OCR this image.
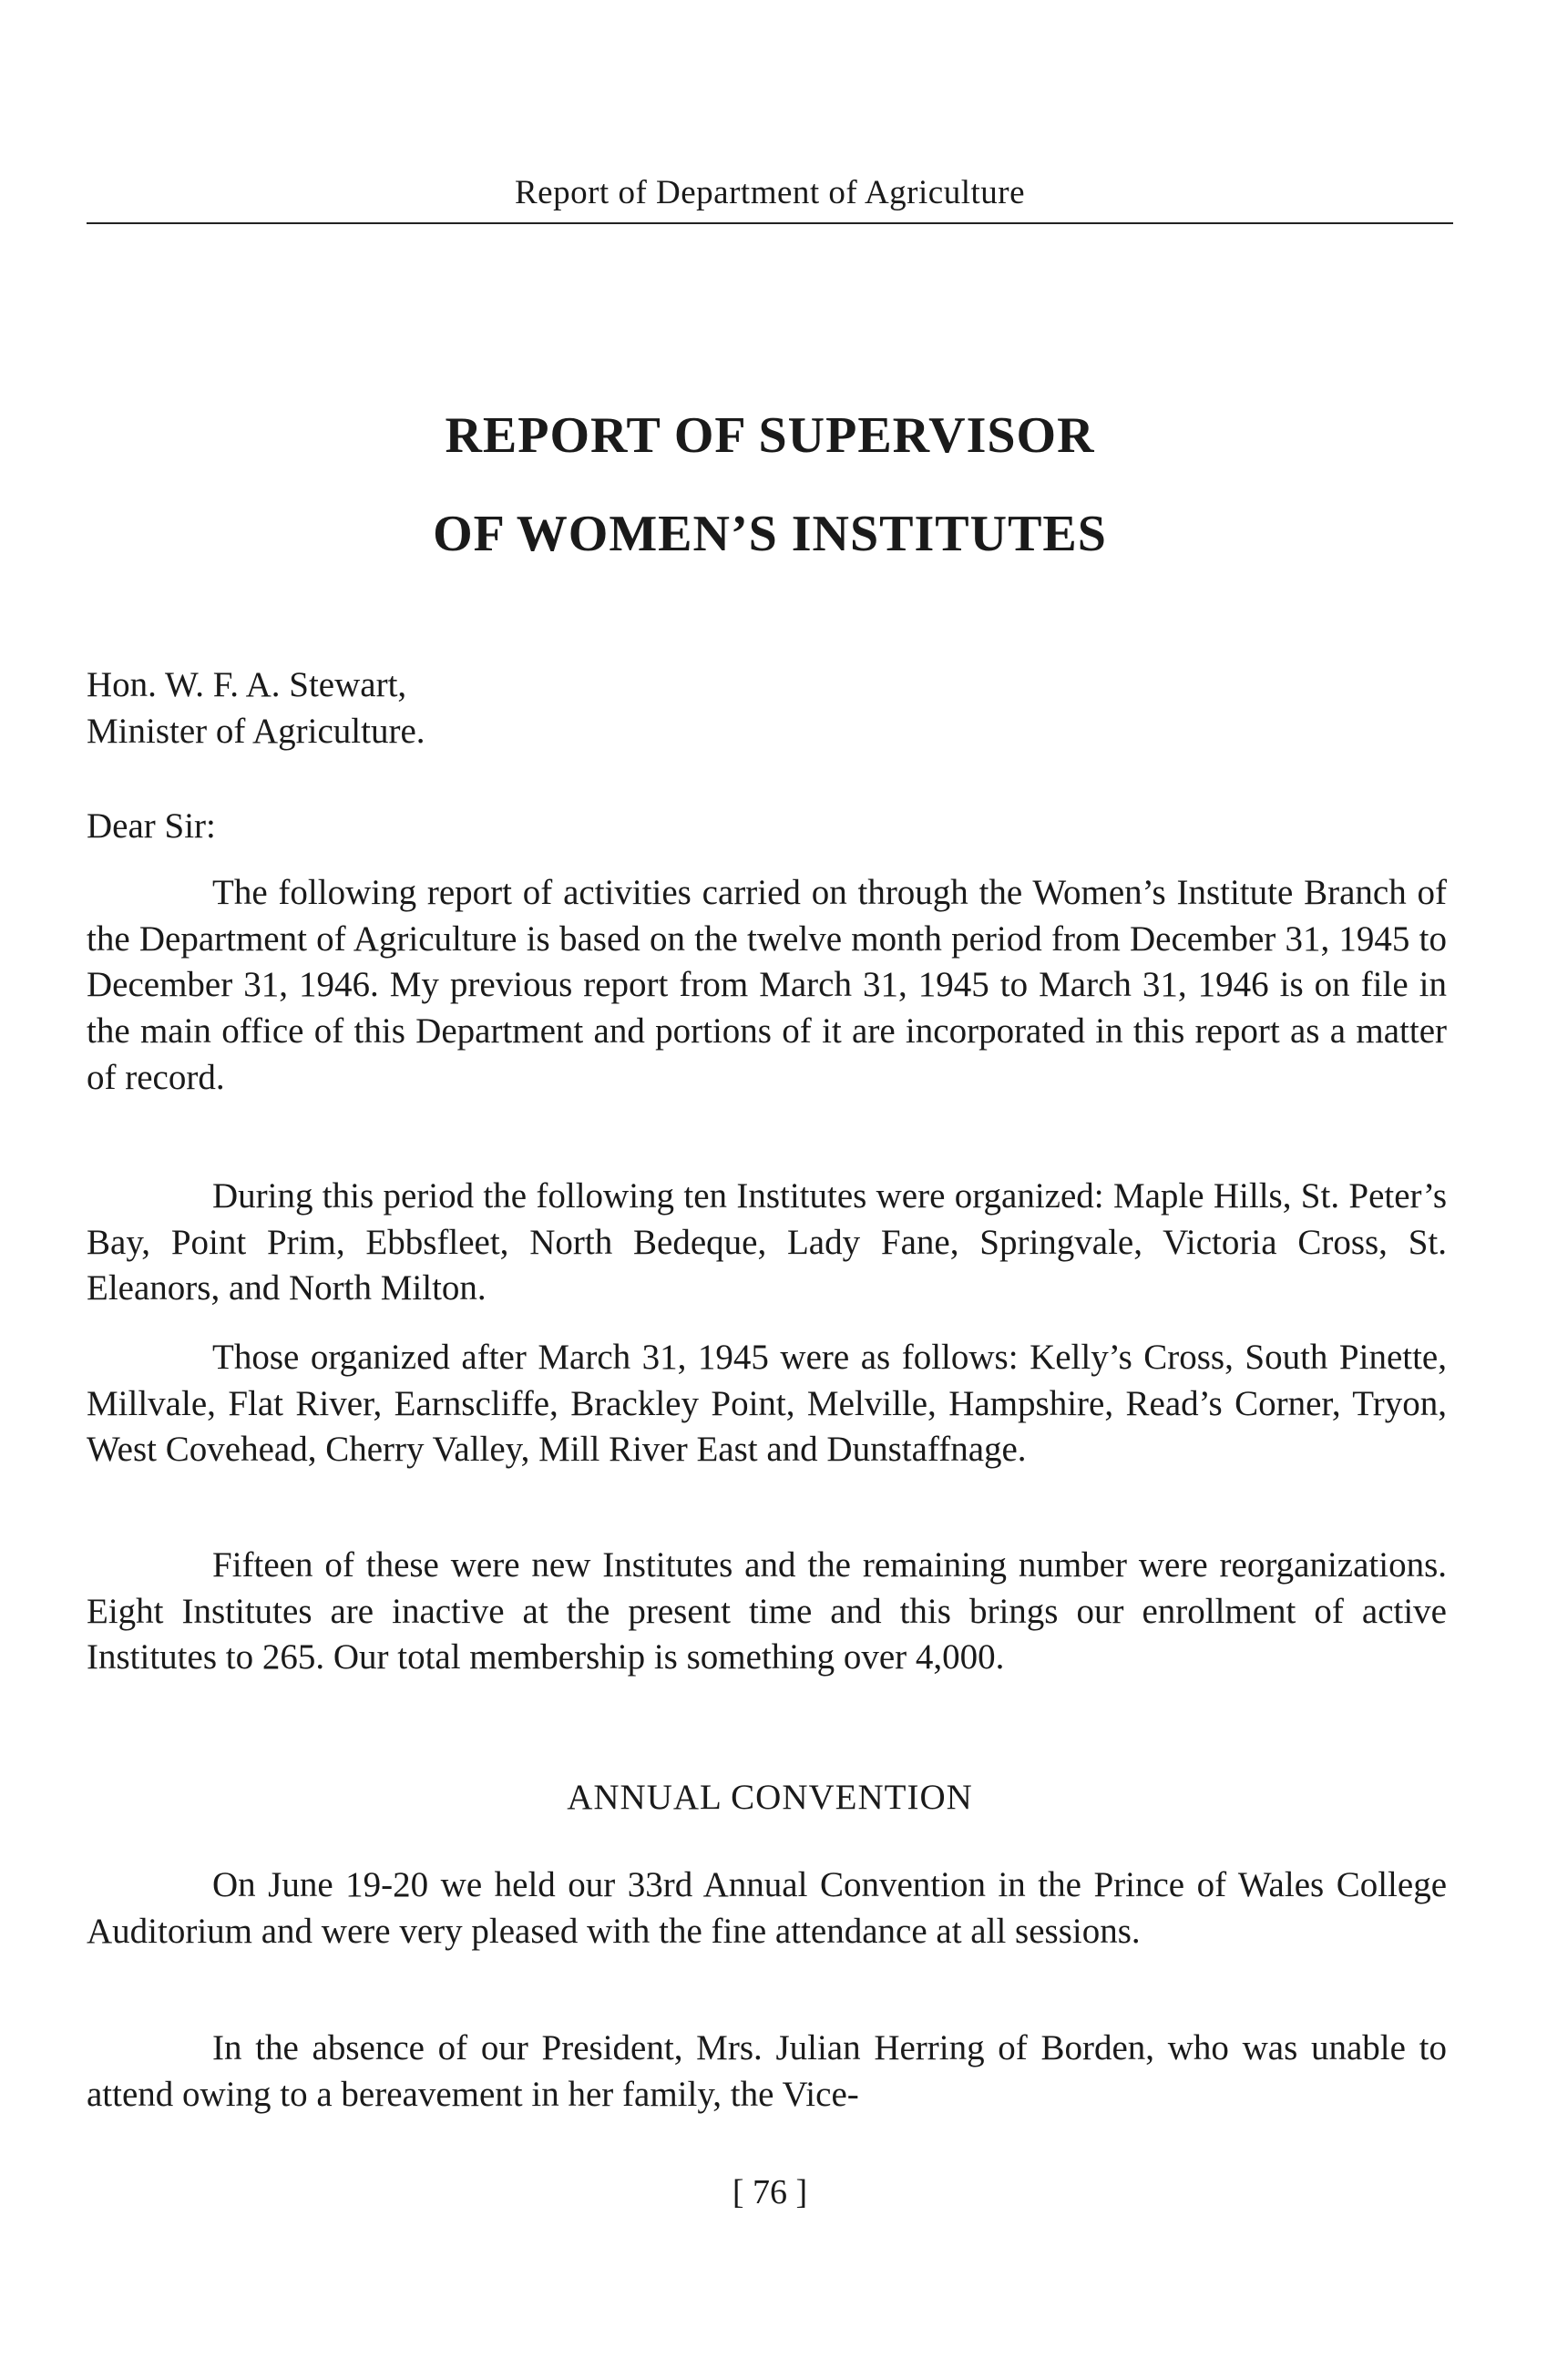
Report of Department of Agriculture
REPORT OF SUPERVISOR
OF WOMEN’S INSTITUTES
Hon. W. F. A. Stewart,
Minister of Agriculture.
Dear Sir:

The following report of activities carried on through the Women’s Institute Branch of the Department of Agriculture is based on the twelve month period from December 31, 1945 to December 31, 1946. My previous report from March 31, 1945 to March 31, 1946 is on file in the main office of this Department and portions of it are incorporated in this report as a matter of record.

During this period the following ten Institutes were organized: Maple Hills, St. Peter’s Bay, Point Prim, Ebbsfleet, North Bedeque, Lady Fane, Springvale, Victoria Cross, St. Eleanors, and North Milton.

Those organized after March 31, 1945 were as follows: Kelly’s Cross, South Pinette, Millvale, Flat River, Earnscliffe, Brackley Point, Melville, Hampshire, Read’s Corner, Tryon, West Covehead, Cherry Valley, Mill River East and Dunstaffnage.

Fifteen of these were new Institutes and the remaining number were reorganizations. Eight Institutes are inactive at the present time and this brings our enrollment of active Institutes to 265. Our total membership is something over 4,000.

ANNUAL CONVENTION

On June 19-20 we held our 33rd Annual Convention in the Prince of Wales College Auditorium and were very pleased with the fine attendance at all sessions.

In the absence of our President, Mrs. Julian Herring of Borden, who was unable to attend owing to a bereavement in her family, the Vice-

[ 76 ]
